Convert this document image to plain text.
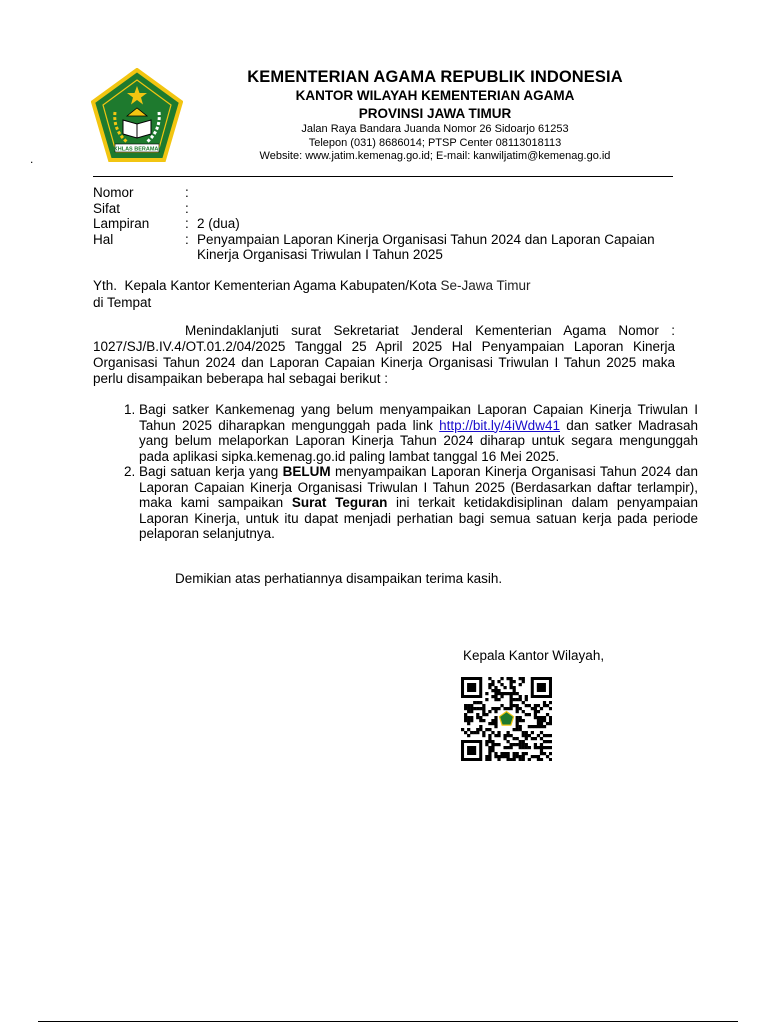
IKHLAS BERAMAL
KEMENTERIAN AGAMA REPUBLIK INDONESIA
KANTOR WILAYAH KEMENTERIAN AGAMA
PROVINSI JAWA TIMUR
Jalan Raya Bandara Juanda Nomor 26 Sidoarjo 61253
Telepon (031) 8686014; PTSP Center 08113018113
Website: www.jatim.kemenag.go.id; E-mail: kanwiljatim@kemenag.go.id
.
Nomor	:
Sifat	:
Lampiran	: 2 (dua)
Hal	: Penyampaian Laporan Kinerja Organisasi Tahun 2024 dan Laporan Capaian Kinerja Organisasi Triwulan I Tahun 2025
Yth. Kepala Kantor Kementerian Agama Kabupaten/Kota Se-Jawa Timur
di Tempat
Menindaklanjuti surat Sekretariat Jenderal Kementerian Agama Nomor : 1027/SJ/B.IV.4/OT.01.2/04/2025 Tanggal 25 April 2025 Hal Penyampaian Laporan Kinerja Organisasi Tahun 2024 dan Laporan Capaian Kinerja Organisasi Triwulan I Tahun 2025 maka perlu disampaikan beberapa hal sebagai berikut :
1. Bagi satker Kankemenag yang belum menyampaikan Laporan Capaian Kinerja Triwulan I Tahun 2025 diharapkan mengunggah pada link http://bit.ly/4iWdw41 dan satker Madrasah yang belum melaporkan Laporan Kinerja Tahun 2024 diharap untuk segara mengunggah pada aplikasi sipka.kemenag.go.id paling lambat tanggal 16 Mei 2025.
2. Bagi satuan kerja yang BELUM menyampaikan Laporan Kinerja Organisasi Tahun 2024 dan Laporan Capaian Kinerja Organisasi Triwulan I Tahun 2025 (Berdasarkan daftar terlampir), maka kami sampaikan Surat Teguran ini terkait ketidakdisiplinan dalam penyampaian Laporan Kinerja, untuk itu dapat menjadi perhatian bagi semua satuan kerja pada periode pelaporan selanjutnya.
Demikian atas perhatiannya disampaikan terima kasih.
Kepala Kantor Wilayah,
